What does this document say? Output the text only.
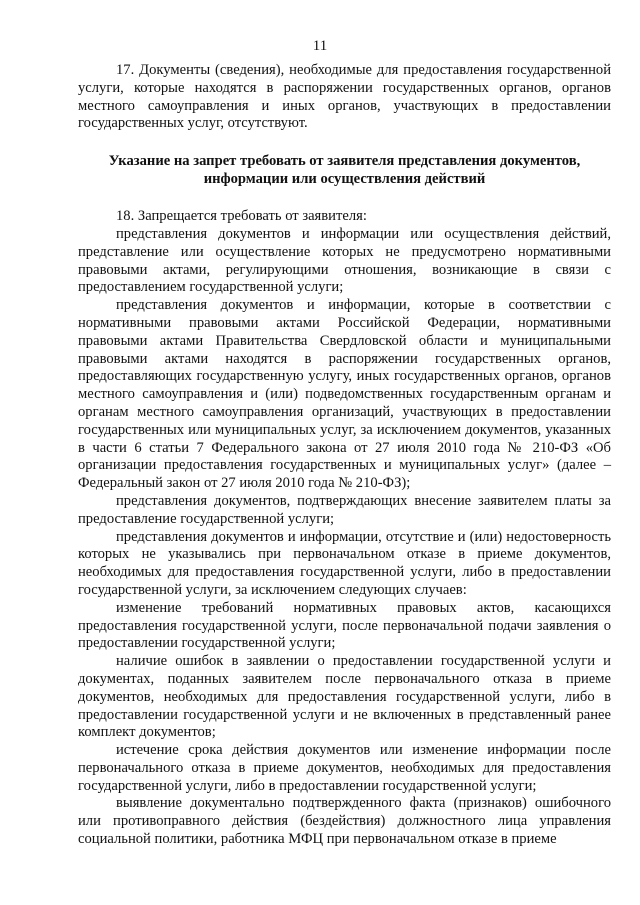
11

17. Документы (сведения), необходимые для предоставления государственной услуги, которые находятся в распоряжении государственных органов, органов местного самоуправления и иных органов, участвующих в предоставлении государственных услуг, отсутствуют.

Указание на запрет требовать от заявителя представления документов, информации или осуществления действий

18. Запрещается требовать от заявителя:

представления документов и информации или осуществления действий, представление или осуществление которых не предусмотрено нормативными правовыми актами, регулирующими отношения, возникающие в связи с предоставлением государственной услуги;

представления документов и информации, которые в соответствии с нормативными правовыми актами Российской Федерации, нормативными правовыми актами Правительства Свердловской области и муниципальными правовыми актами находятся в распоряжении государственных органов, предоставляющих государственную услугу, иных государственных органов, органов местного самоуправления и (или) подведомственных государственным органам и органам местного самоуправления организаций, участвующих в предоставлении государственных или муниципальных услуг, за исключением документов, указанных в части 6 статьи 7 Федерального закона от 27 июля 2010 года № 210-ФЗ «Об организации предоставления государственных и муниципальных услуг» (далее – Федеральный закон от 27 июля 2010 года № 210-ФЗ);

представления документов, подтверждающих внесение заявителем платы за предоставление государственной услуги;

представления документов и информации, отсутствие и (или) недостоверность которых не указывались при первоначальном отказе в приеме документов, необходимых для предоставления государственной услуги, либо в предоставлении государственной услуги, за исключением следующих случаев:

изменение требований нормативных правовых актов, касающихся предоставления государственной услуги, после первоначальной подачи заявления о предоставлении государственной услуги;

наличие ошибок в заявлении о предоставлении государственной услуги и документах, поданных заявителем после первоначального отказа в приеме документов, необходимых для предоставления государственной услуги, либо в предоставлении государственной услуги и не включенных в представленный ранее комплект документов;

истечение срока действия документов или изменение информации после первоначального отказа в приеме документов, необходимых для предоставления государственной услуги, либо в предоставлении государственной услуги;

выявление документально подтвержденного факта (признаков) ошибочного или противоправного действия (бездействия) должностного лица управления социальной политики, работника МФЦ при первоначальном отказе в приеме
